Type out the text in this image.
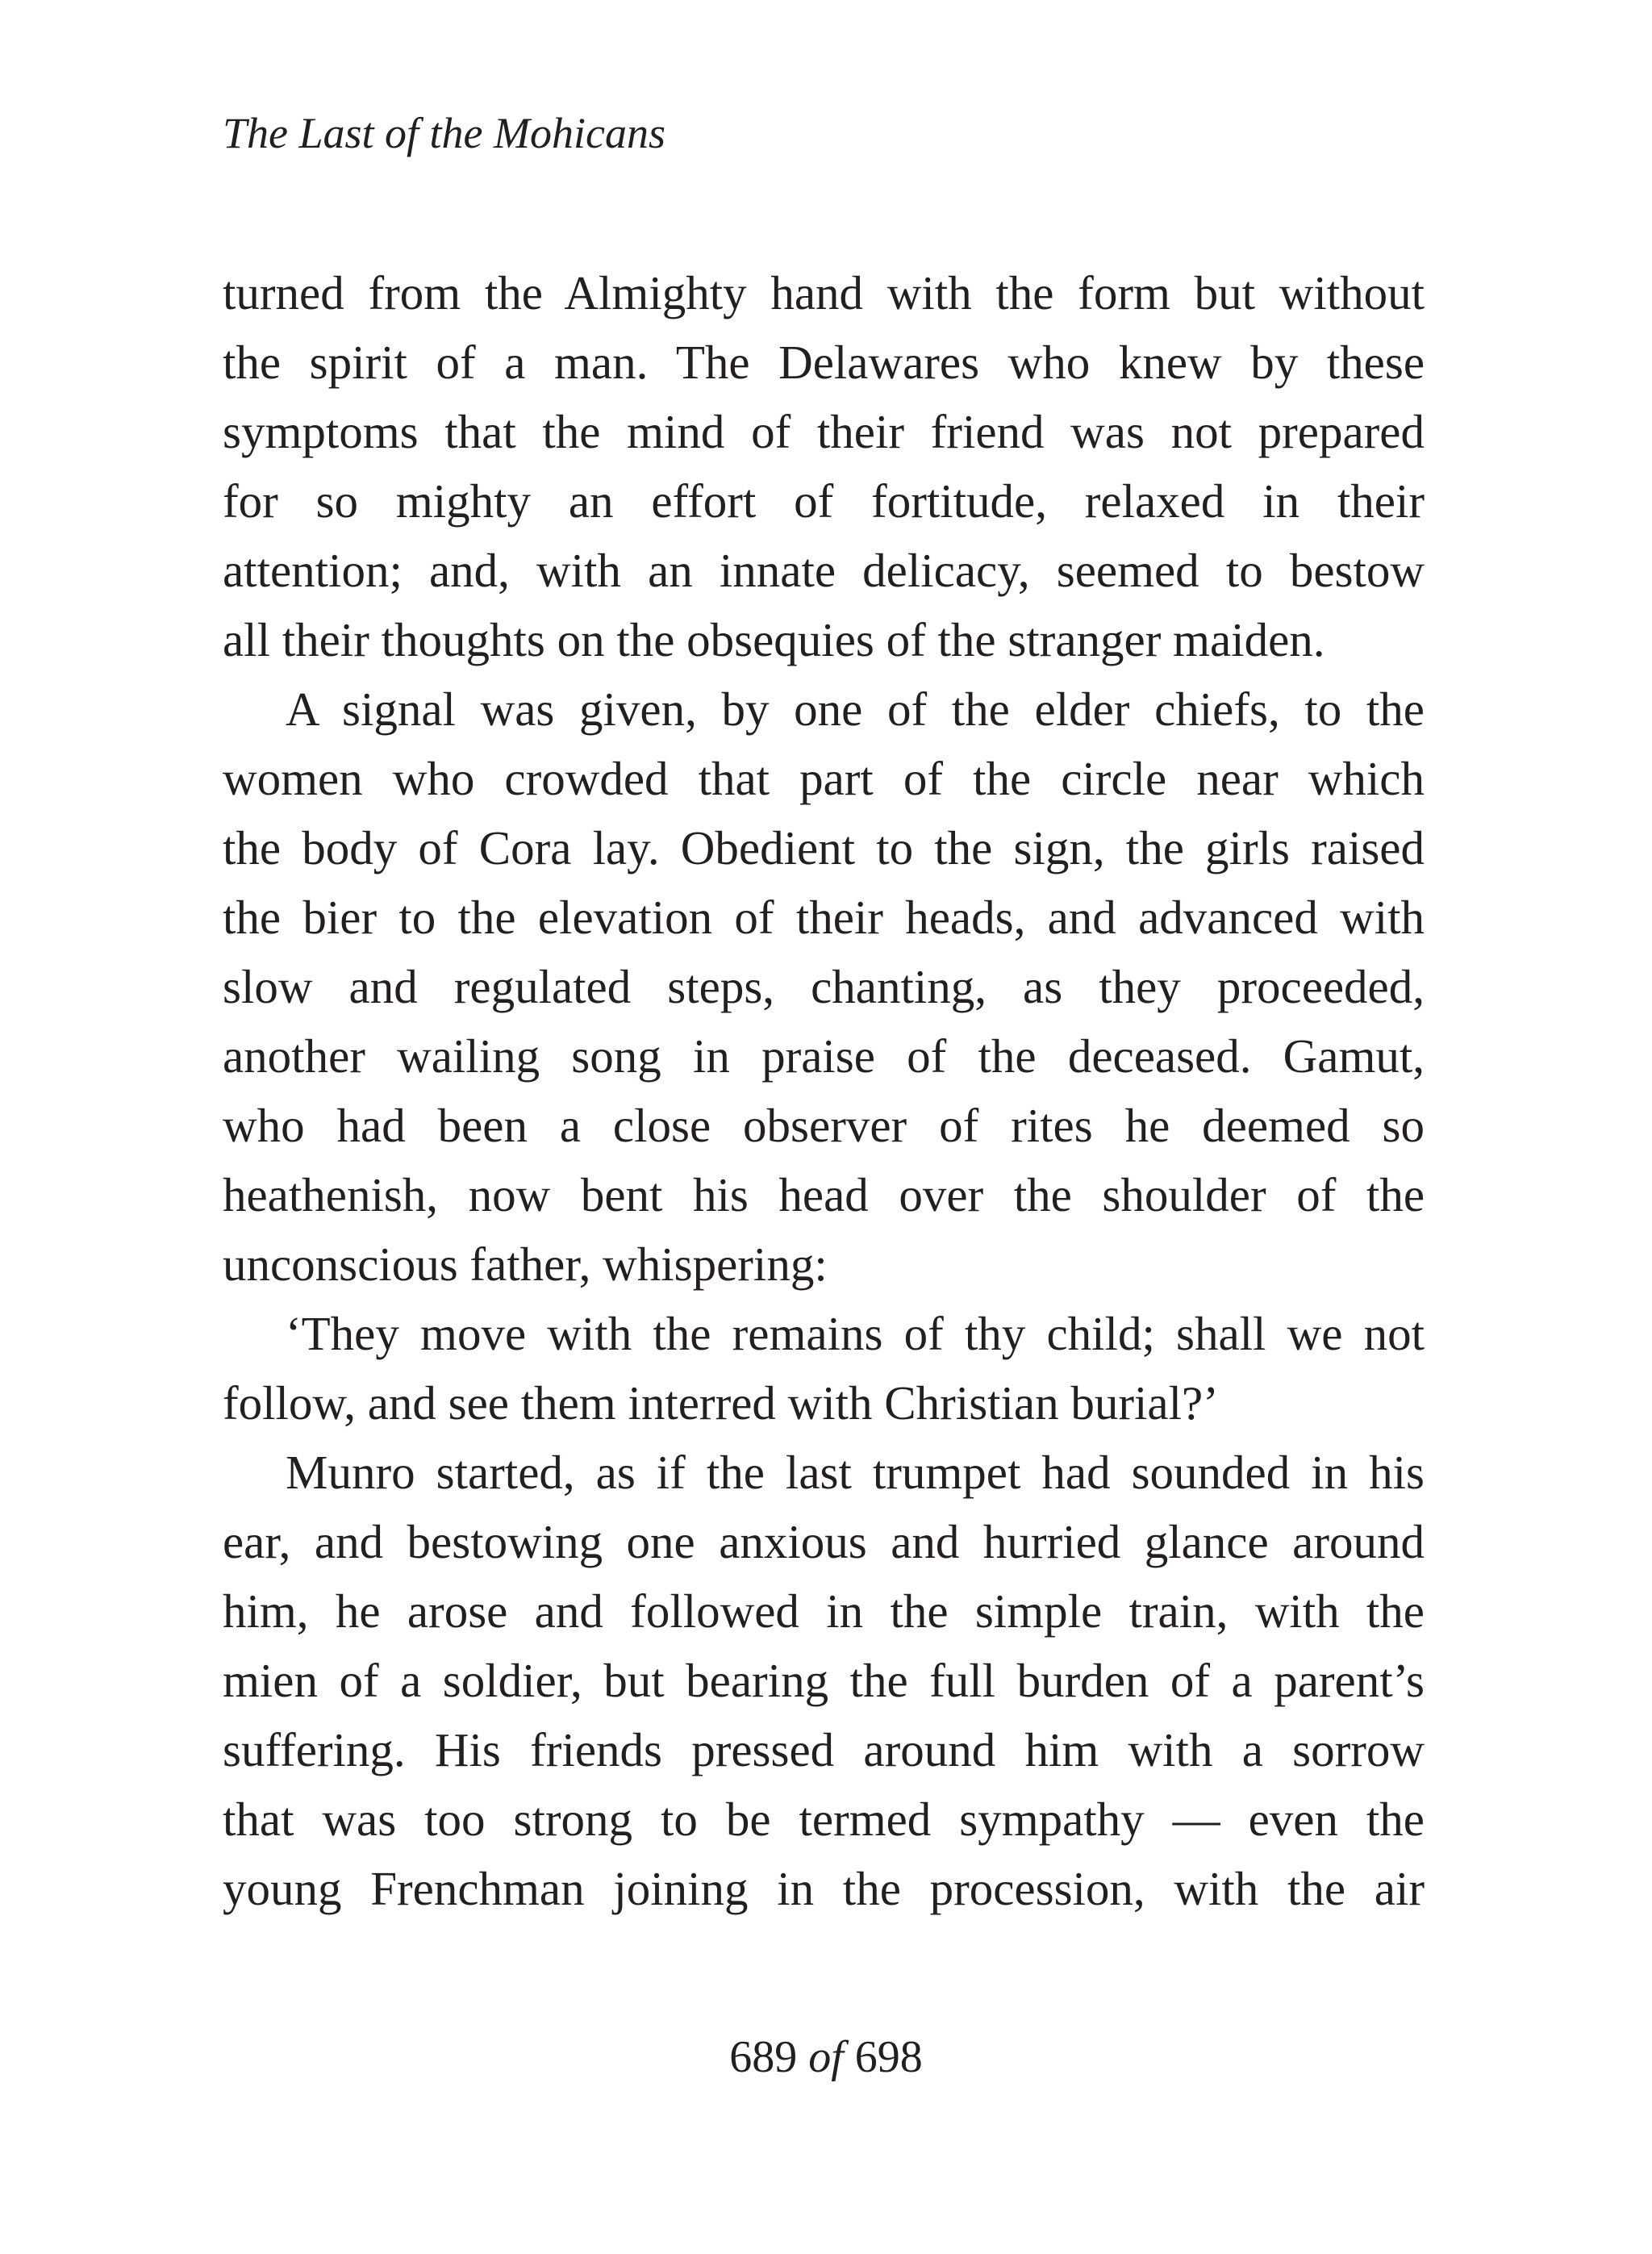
The Last of the Mohicans

turned from the Almighty hand with the form but without
the spirit of a man. The Delawares who knew by these
symptoms that the mind of their friend was not prepared
for so mighty an effort of fortitude, relaxed in their
attention; and, with an innate delicacy, seemed to bestow
all their thoughts on the obsequies of the stranger maiden.

A signal was given, by one of the elder chiefs, to the
women who crowded that part of the circle near which
the body of Cora lay. Obedient to the sign, the girls raised
the bier to the elevation of their heads, and advanced with
slow and regulated steps, chanting, as they proceeded,
another wailing song in praise of the deceased. Gamut,
who had been a close observer of rites he deemed so
heathenish, now bent his head over the shoulder of the
unconscious father, whispering:

‘They move with the remains of thy child; shall we not
follow, and see them interred with Christian burial?’

Munro started, as if the last trumpet had sounded in his
ear, and bestowing one anxious and hurried glance around
him, he arose and followed in the simple train, with the
mien of a soldier, but bearing the full burden of a parent’s
suffering. His friends pressed around him with a sorrow
that was too strong to be termed sympathy — even the
young Frenchman joining in the procession, with the air

689 of 698
